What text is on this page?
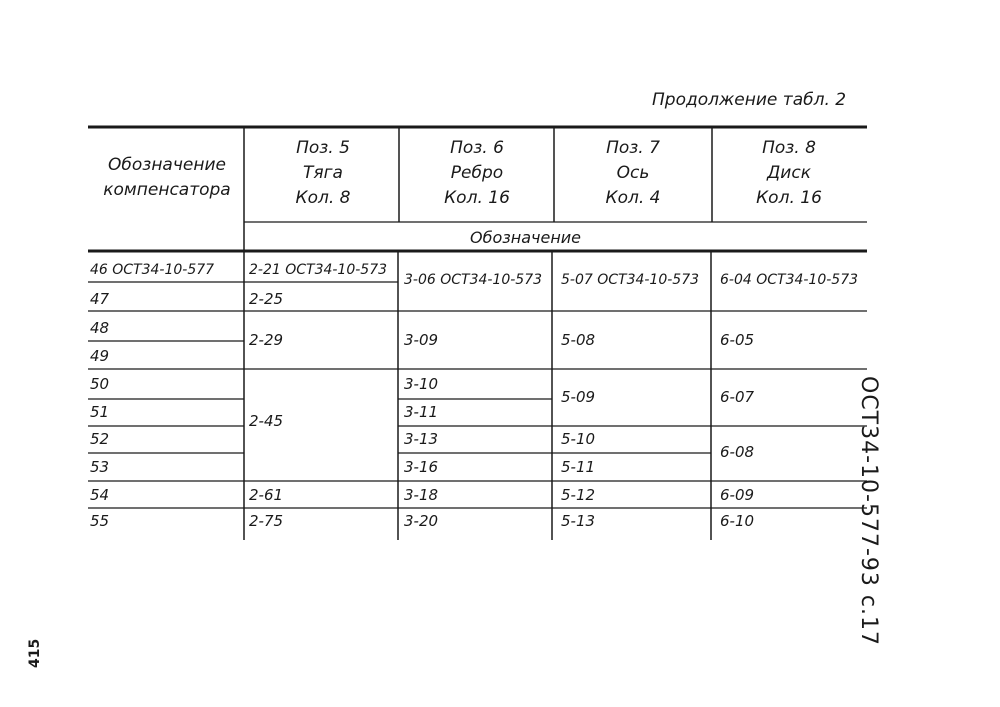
Продолжение табл. 2
Обозначение
компенсатора
Поз. 5
Тяга
Кол. 8
Поз. 6
Ребро
Кол. 16
Поз. 7
Ось
Кол. 4
Поз. 8
Диск
Кол. 16
Обозначение
46 ОСТ34-10-577
47
48
49
50
51
52
53
54
55
2-21 ОСТ34-10-573
2-25
2-29
2-45
2-61
2-75
3-06 ОСТ34-10-573
3-09
3-10
3-11
3-13
3-16
3-18
3-20
5-07 ОСТ34-10-573
5-08
5-09
5-10
5-11
5-12
5-13
6-04 ОСТ34-10-573
6-05
6-07
6-08
6-09
6-10	ОСТ34-10-577-93 с.17
415
